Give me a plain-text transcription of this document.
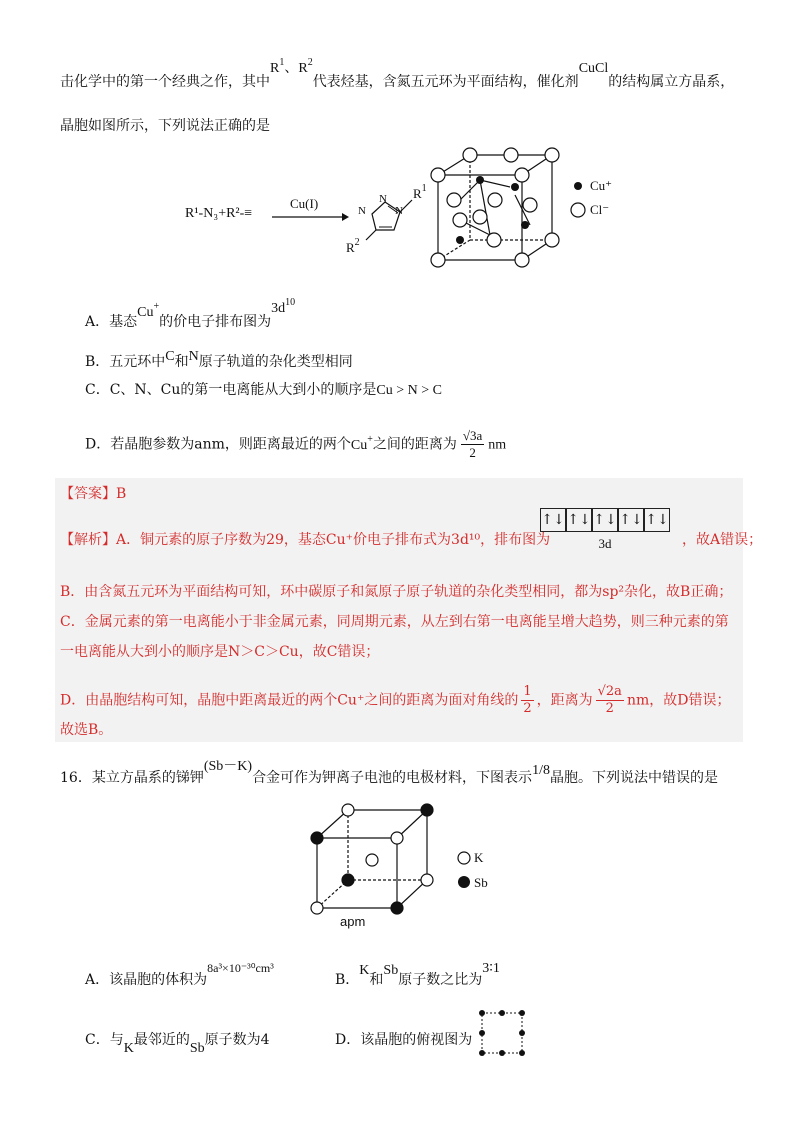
击化学中的第一个经典之作，其中$R^1$、$R^2$代表烃基，含氮五元环为平面结构，催化剂CuCl的结构属立方晶系，
晶胞如图所示，下列说法正确的是
R¹-N₃+R²-≡
Cu(I)	N
N
N
$R^1$
$R^2$
Cu⁺
Cl⁻
A．基态Cu+的价电子排布图为$3d^{10}$
B．五元环中C和N原子轨道的杂化类型相同
C．C、N、Cu的第一电离能从大到小的顺序是Cu > N > C
D．若晶胞参数为anm，则距离最近的两个Cu+之间的距离为 $\frac{√3a}{2}$ nm
【答案】B
【解析】A．铜元素的原子序数为29，基态Cu⁺价电子排布式为3d¹⁰，排布图为
↑↓ ↑↓ ↑↓ ↑↓ ↑↓
3d	，故A错误；
B．由含氮五元环为平面结构可知，环中碳原子和氮原子原子轨道的杂化类型相同，都为sp²杂化，故B正确；
C．金属元素的第一电离能小于非金属元素，同周期元素，从左到右第一电离能呈增大趋势，则三种元素的第
一电离能从大到小的顺序是N＞C＞Cu，故C错误；
D．由晶胞结构可知，晶胞中距离最近的两个Cu⁺之间的距离为面对角线的 $\frac{1}{2}$ ，距离为 $\frac{√2a}{2}$ nm，故D错误；
故选B。
16．某立方晶系的锑钾(Sb－K)合金可作为钾离子电池的电极材料，下图表示1/8晶胞。下列说法中错误的是
apm
K
Sb
A．该晶胞的体积为8a³×10⁻³⁰cm³
B．K和Sb原子数之比为3∶1
C．与K最邻近的Sb原子数为4	D．该晶胞的俯视图为
